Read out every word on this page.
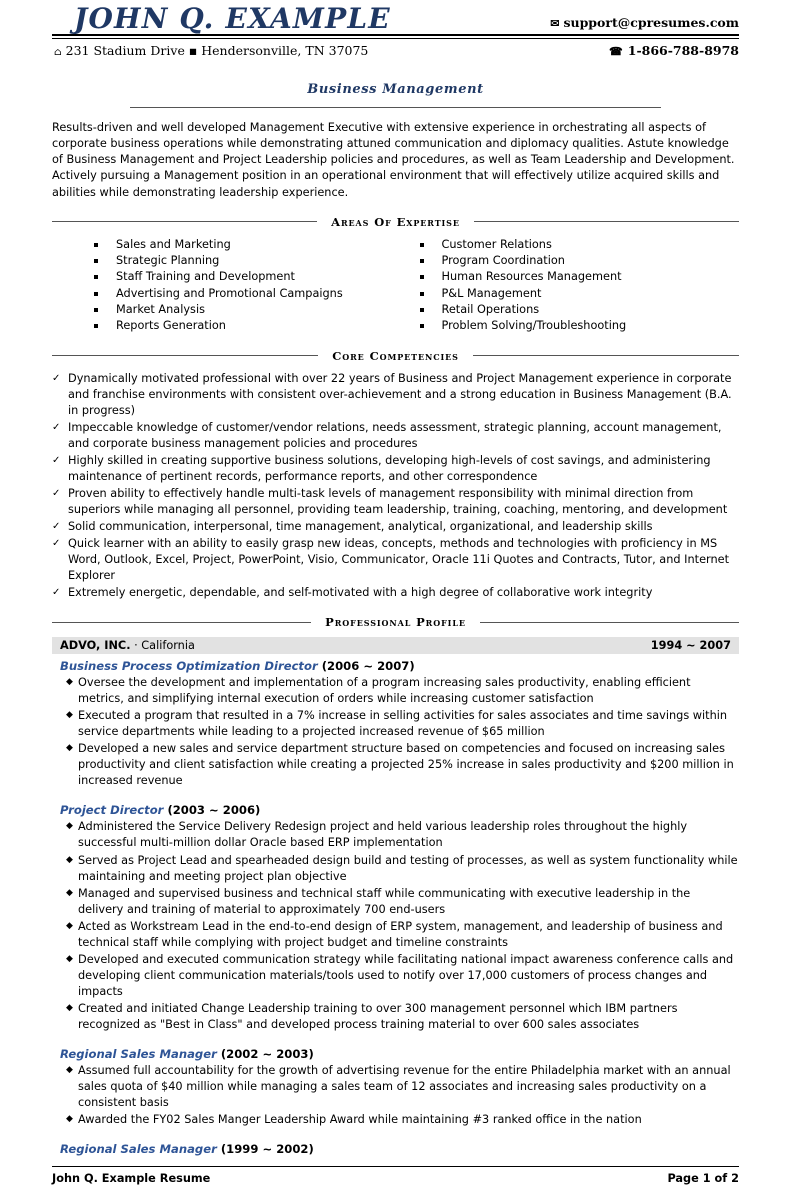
JOHN Q. EXAMPLE	✉ support@cpresumes.com
⌂ 231 Stadium Drive ▪ Hendersonville, TN 37075	☎ 1-866-788-8978
Business Management
Results-driven and well developed Management Executive with extensive experience in orchestrating all aspects of corporate business operations while demonstrating attuned communication and diplomacy qualities. Astute knowledge of Business Management and Project Leadership policies and procedures, as well as Team Leadership and Development. Actively pursuing a Management position in an operational environment that will effectively utilize acquired skills and abilities while demonstrating leadership experience.
Areas Of Expertise
Sales and Marketing
Strategic Planning
Staff Training and Development
Advertising and Promotional Campaigns
Market Analysis
Reports Generation
Customer Relations
Program Coordination
Human Resources Management
P&L Management
Retail Operations
Problem Solving/Troubleshooting
Core Competencies
✓ Dynamically motivated professional with over 22 years of Business and Project Management experience in corporate and franchise environments with consistent over-achievement and a strong education in Business Management (B.A. in progress)
✓ Impeccable knowledge of customer/vendor relations, needs assessment, strategic planning, account management, and corporate business management policies and procedures
✓ Highly skilled in creating supportive business solutions, developing high-levels of cost savings, and administering maintenance of pertinent records, performance reports, and other correspondence
✓ Proven ability to effectively handle multi-task levels of management responsibility with minimal direction from superiors while managing all personnel, providing team leadership, training, coaching, mentoring, and development
✓ Solid communication, interpersonal, time management, analytical, organizational, and leadership skills
✓ Quick learner with an ability to easily grasp new ideas, concepts, methods and technologies with proficiency in MS Word, Outlook, Excel, Project, PowerPoint, Visio, Communicator, Oracle 11i Quotes and Contracts, Tutor, and Internet Explorer
✓ Extremely energetic, dependable, and self-motivated with a high degree of collaborative work integrity
Professional Profile
ADVO, INC. · California	1994 ~ 2007
Business Process Optimization Director (2006 ~ 2007)
◆ Oversee the development and implementation of a program increasing sales productivity, enabling efficient metrics, and simplifying internal execution of orders while increasing customer satisfaction
◆ Executed a program that resulted in a 7% increase in selling activities for sales associates and time savings within service departments while leading to a projected increased revenue of $65 million
◆ Developed a new sales and service department structure based on competencies and focused on increasing sales productivity and client satisfaction while creating a projected 25% increase in sales productivity and $200 million in increased revenue
Project Director (2003 ~ 2006)
◆ Administered the Service Delivery Redesign project and held various leadership roles throughout the highly successful multi-million dollar Oracle based ERP implementation
◆ Served as Project Lead and spearheaded design build and testing of processes, as well as system functionality while maintaining and meeting project plan objective
◆ Managed and supervised business and technical staff while communicating with executive leadership in the delivery and training of material to approximately 700 end-users
◆ Acted as Workstream Lead in the end-to-end design of ERP system, management, and leadership of business and technical staff while complying with project budget and timeline constraints
◆ Developed and executed communication strategy while facilitating national impact awareness conference calls and developing client communication materials/tools used to notify over 17,000 customers of process changes and impacts
◆ Created and initiated Change Leadership training to over 300 management personnel which IBM partners recognized as "Best in Class" and developed process training material to over 600 sales associates
Regional Sales Manager (2002 ~ 2003)
◆ Assumed full accountability for the growth of advertising revenue for the entire Philadelphia market with an annual sales quota of $40 million while managing a sales team of 12 associates and increasing sales productivity on a consistent basis
◆ Awarded the FY02 Sales Manger Leadership Award while maintaining #3 ranked office in the nation
Regional Sales Manager (1999 ~ 2002)
John Q. Example Resume	Page 1 of 2
